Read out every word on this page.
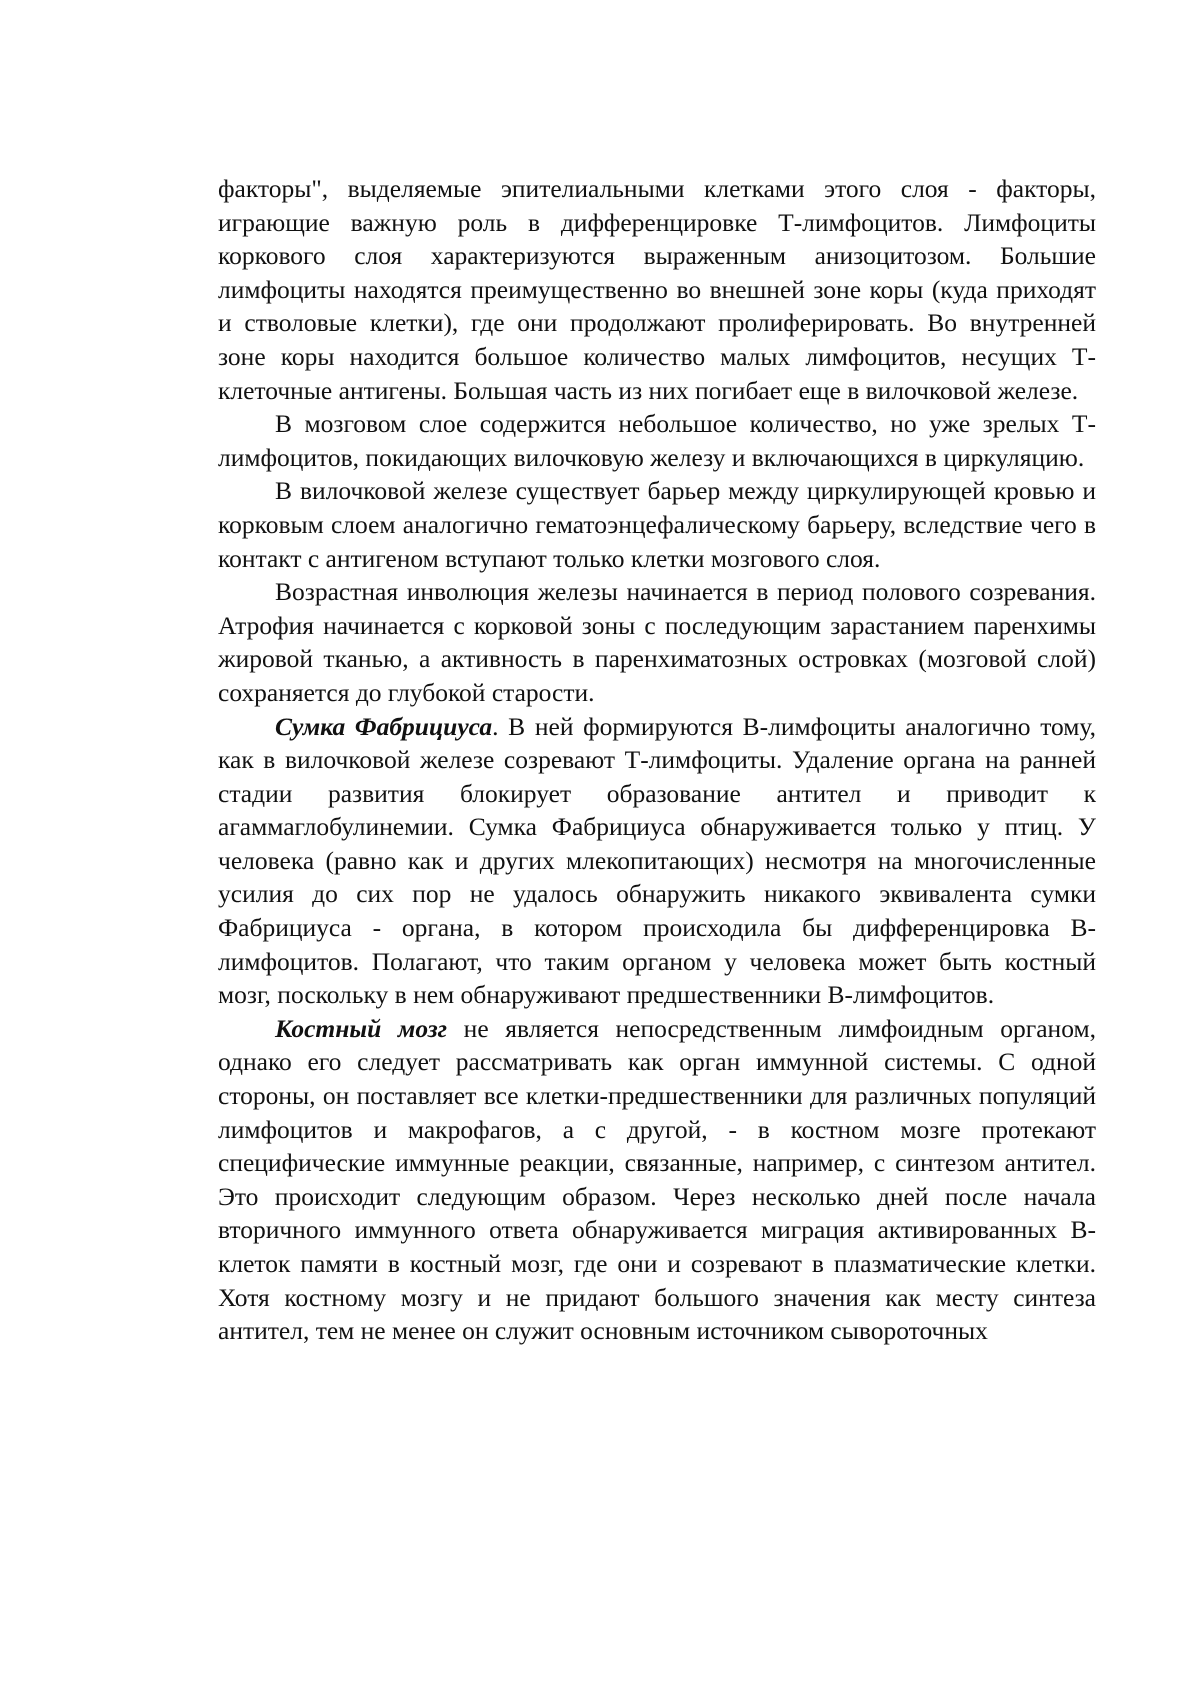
факторы", выделяемые эпителиальными клетками этого слоя - факторы, играющие важную роль в дифференцировке Т-лимфоцитов. Лимфоциты коркового слоя характеризуются выраженным анизоцитозом. Большие лимфоциты находятся преимущественно во внешней зоне коры (куда приходят и стволовые клетки), где они продолжают пролиферировать. Во внутренней зоне коры находится большое количество малых лимфоцитов, несущих Т-клеточные антигены. Большая часть из них погибает еще в вилочковой железе.

В мозговом слое содержится небольшое количество, но уже зрелых Т-лимфоцитов, покидающих вилочковую железу и включающихся в циркуляцию.

В вилочковой железе существует барьер между циркулирующей кровью и корковым слоем аналогично гематоэнцефалическому барьеру, вследствие чего в контакт с антигеном вступают только клетки мозгового слоя.

Возрастная инволюция железы начинается в период полового созревания. Атрофия начинается с корковой зоны с последующим зарастанием паренхимы жировой тканью, а активность в паренхиматозных островках (мозговой слой) сохраняется до глубокой старости.

Сумка Фабрициуса. В ней формируются В-лимфоциты аналогично тому, как в вилочковой железе созревают Т-лимфоциты. Удаление органа на ранней стадии развития блокирует образование антител и приводит к агаммаглобулинемии. Сумка Фабрициуса обнаруживается только у птиц. У человека (равно как и других млекопитающих) несмотря на многочисленные усилия до сих пор не удалось обнаружить никакого эквивалента сумки Фабрициуса - органа, в котором происходила бы дифференцировка В-лимфоцитов. Полагают, что таким органом у человека может быть костный мозг, поскольку в нем обнаруживают предшественники В-лимфоцитов.

Костный мозг не является непосредственным лимфоидным органом, однако его следует рассматривать как орган иммунной системы. С одной стороны, он поставляет все клетки-предшественники для различных популяций лимфоцитов и макрофагов, а с другой, - в костном мозге протекают специфические иммунные реакции, связанные, например, с синтезом антител. Это происходит следующим образом. Через несколько дней после начала вторичного иммунного ответа обнаруживается миграция активированных В-клеток памяти в костный мозг, где они и созревают в плазматические клетки. Хотя костному мозгу и не придают большого значения как месту синтеза антител, тем не менее он служит основным источником сывороточных
